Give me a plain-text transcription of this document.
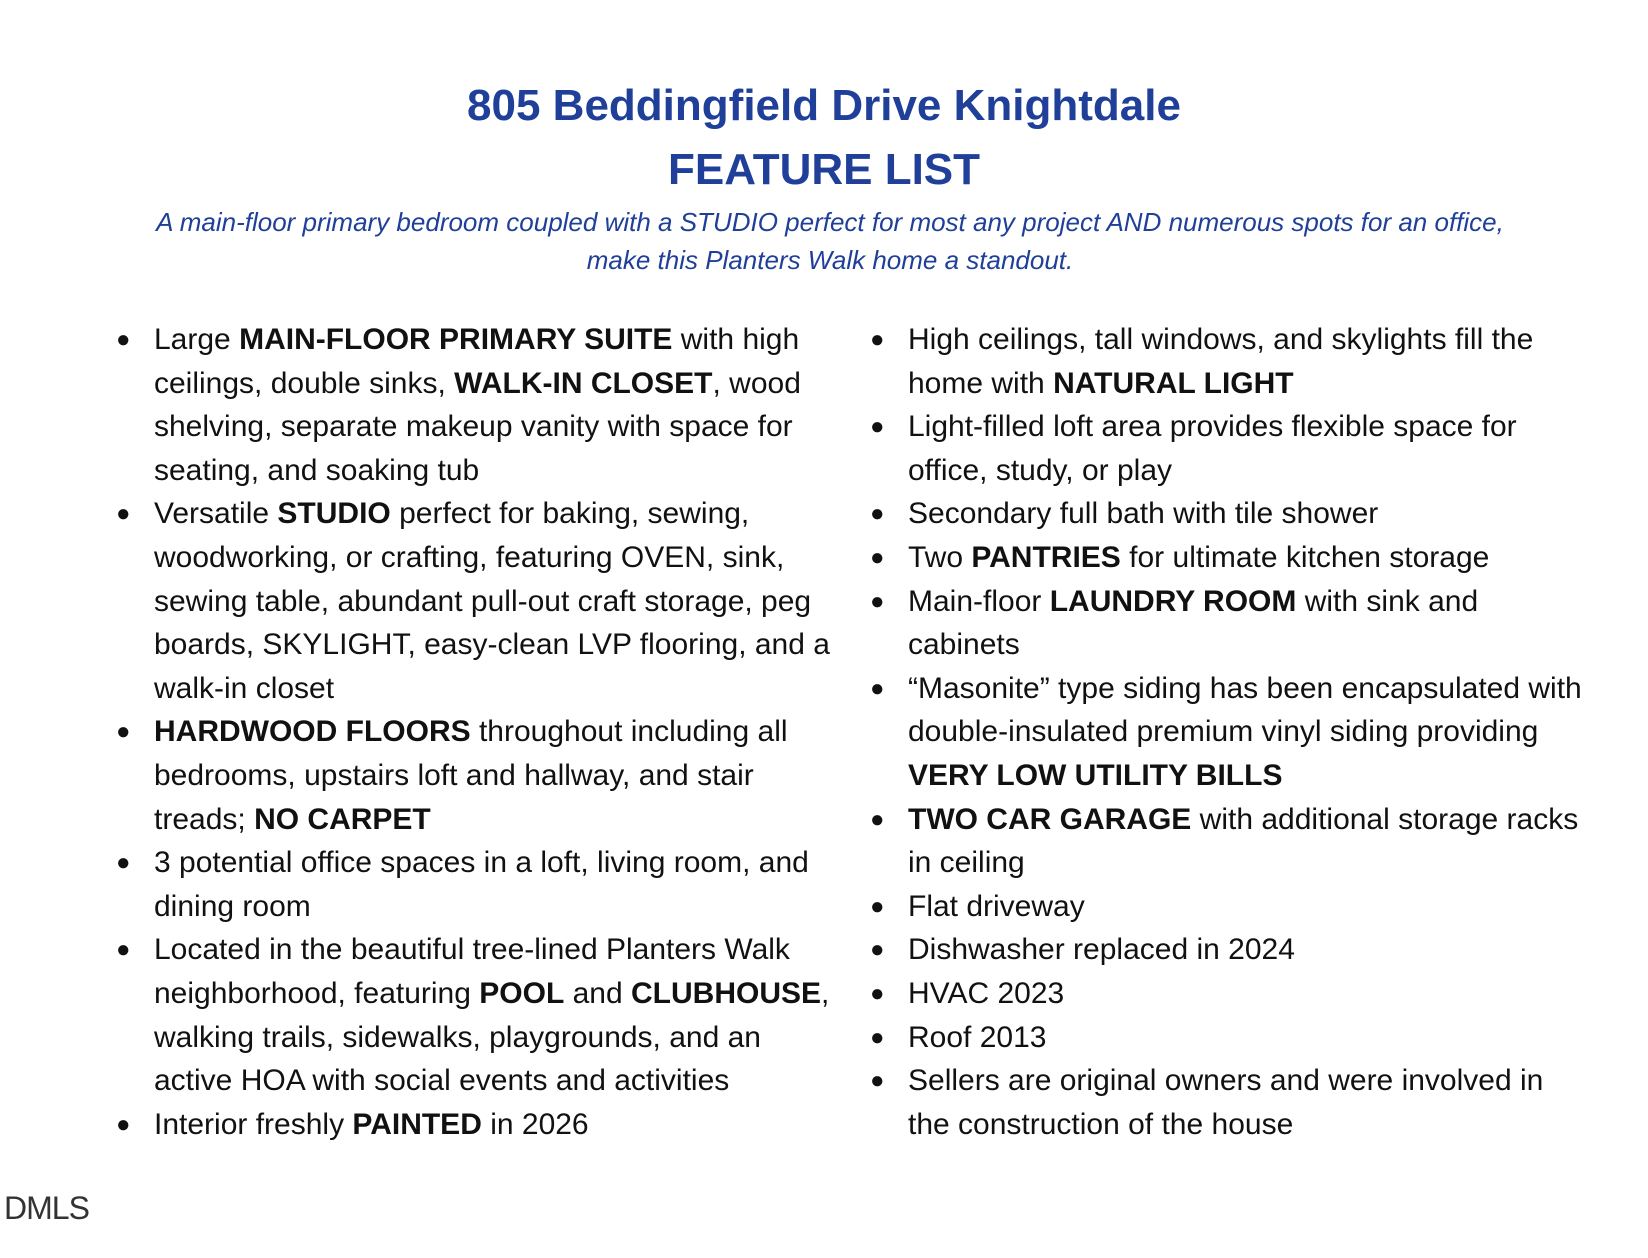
805 Beddingfield Drive Knightdale
FEATURE LIST
A main-floor primary bedroom coupled with a STUDIO perfect for most any project AND numerous spots for an office,
make this Planters Walk home a standout.
● Large MAIN-FLOOR PRIMARY SUITE with high ceilings, double sinks, WALK-IN CLOSET, wood shelving, separate makeup vanity with space for seating, and soaking tub
● Versatile STUDIO perfect for baking, sewing, woodworking, or crafting, featuring OVEN, sink, sewing table, abundant pull-out craft storage, peg boards, SKYLIGHT, easy-clean LVP flooring, and a walk-in closet
● HARDWOOD FLOORS throughout including all bedrooms, upstairs loft and hallway, and stair treads; NO CARPET
● 3 potential office spaces in a loft, living room, and dining room
● Located in the beautiful tree-lined Planters Walk neighborhood, featuring POOL and CLUBHOUSE, walking trails, sidewalks, playgrounds, and an active HOA with social events and activities
● Interior freshly PAINTED in 2026
● High ceilings, tall windows, and skylights fill the home with NATURAL LIGHT
● Light-filled loft area provides flexible space for office, study, or play
● Secondary full bath with tile shower
● Two PANTRIES for ultimate kitchen storage
● Main-floor LAUNDRY ROOM with sink and cabinets
● “Masonite” type siding has been encapsulated with double-insulated premium vinyl siding providing VERY LOW UTILITY BILLS
● TWO CAR GARAGE with additional storage racks in ceiling
● Flat driveway
● Dishwasher replaced in 2024
● HVAC 2023
● Roof 2013
● Sellers are original owners and were involved in the construction of the house
DMLS
